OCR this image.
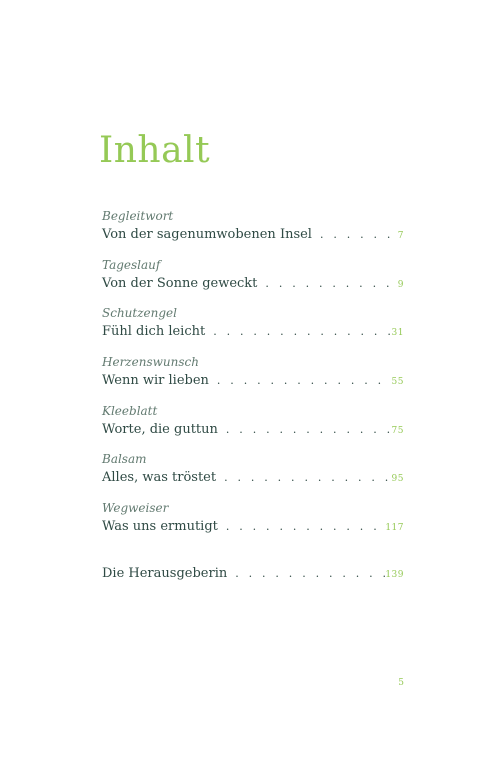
Inhalt
Begleitwort
Von der sagenumwobenen Insel . . .	7
Tageslauf
Von der Sonne geweckt . . .	9
Schutzengel
Fühl dich leicht . . .	31
Herzenswunsch
Wenn wir lieben . . .	55
Kleeblatt
Worte, die guttun . . .	75
Balsam
Alles, was tröstet . . .	95
Wegweiser
Was uns ermutigt . . .	117
Die Herausgeberin . . .	139
5
